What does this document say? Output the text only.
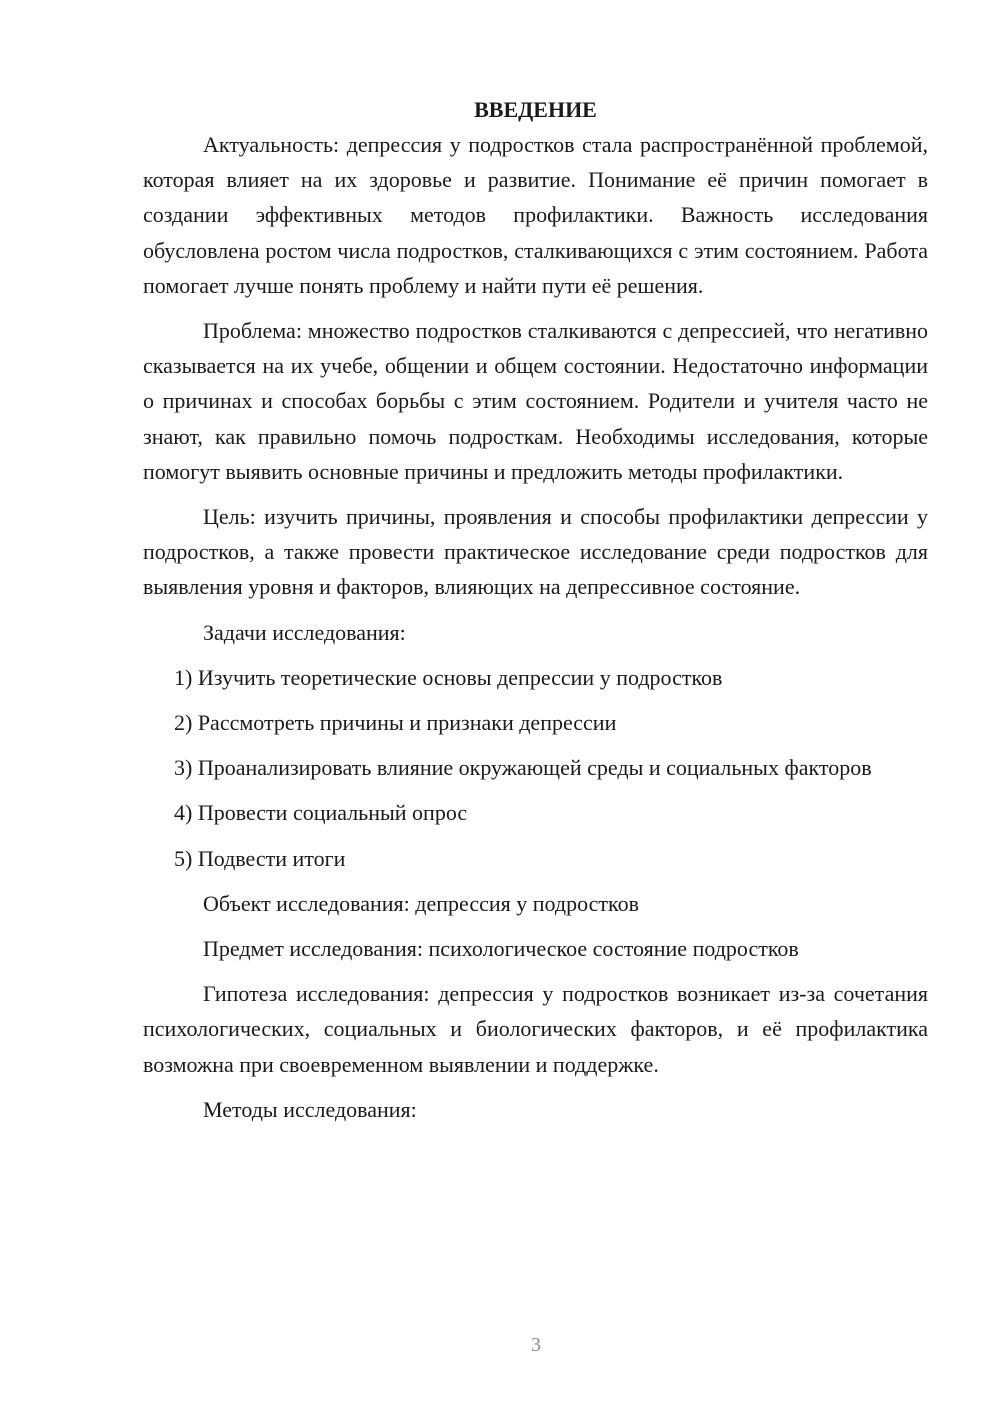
ВВЕДЕНИЕ

Актуальность: депрессия у подростков стала распространённой проблемой, которая влияет на их здоровье и развитие. Понимание её причин помогает в создании эффективных методов профилактики. Важность исследования обусловлена ростом числа подростков, сталкивающихся с этим состоянием. Работа помогает лучше понять проблему и найти пути её решения.

Проблема: множество подростков сталкиваются с депрессией, что негативно сказывается на их учебе, общении и общем состоянии. Недостаточно информации о причинах и способах борьбы с этим состоянием. Родители и учителя часто не знают, как правильно помочь подросткам. Необходимы исследования, которые помогут выявить основные причины и предложить методы профилактики.

Цель: изучить причины, проявления и способы профилактики депрессии у подростков, а также провести практическое исследование среди подростков для выявления уровня и факторов, влияющих на депрессивное состояние.

Задачи исследования:

1) Изучить теоретические основы депрессии у подростков

2) Рассмотреть причины и признаки депрессии

3) Проанализировать влияние окружающей среды и социальных факторов

4) Провести социальный опрос

5) Подвести итоги

Объект исследования: депрессия у подростков

Предмет исследования: психологическое состояние подростков

Гипотеза исследования: депрессия у подростков возникает из-за сочетания психологических, социальных и биологических факторов, и её профилактика возможна при своевременном выявлении и поддержке.

Методы исследования:

3
